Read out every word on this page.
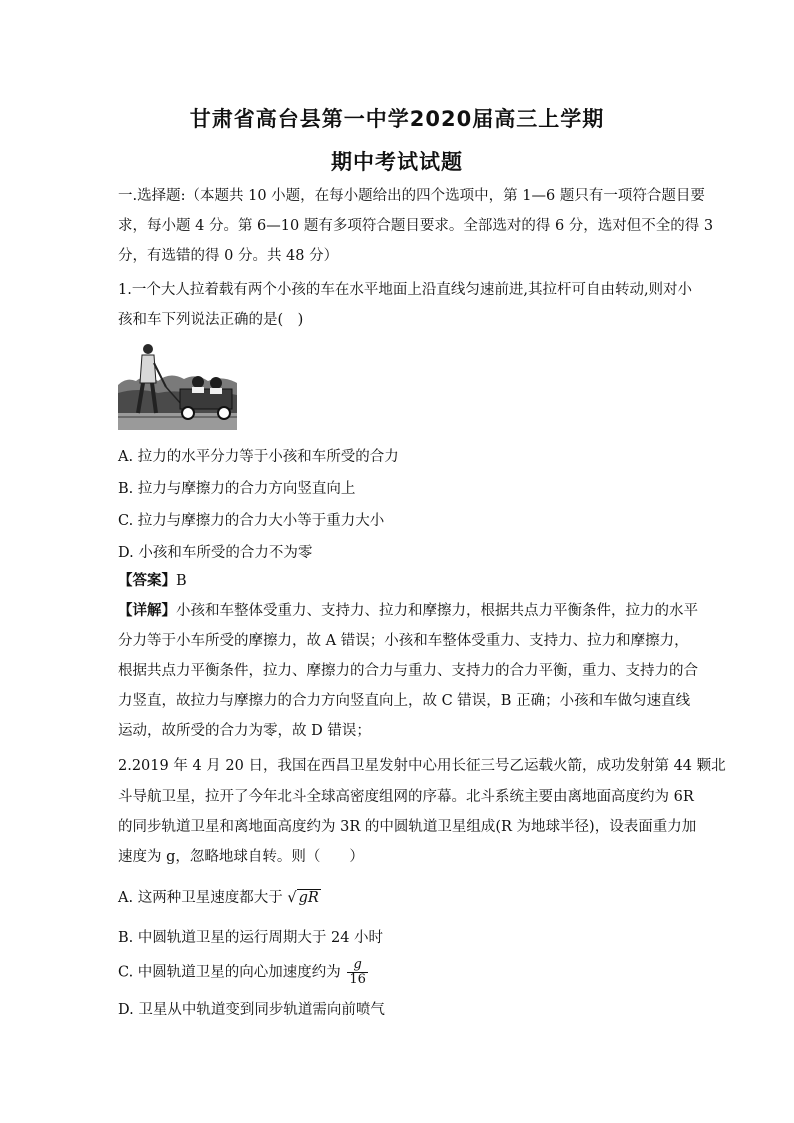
甘肃省高台县第一中学2020届高三上学期
期中考试试题
一.选择题:（本题共 10 小题，在每小题给出的四个选项中，第 1—6 题只有一项符合题目要
求，每小题 4 分。第 6—10 题有多项符合题目要求。全部选对的得 6 分，选对但不全的得 3
分，有选错的得 0 分。共 48 分）
1.一个大人拉着载有两个小孩的车在水平地面上沿直线匀速前进,其拉杆可自由转动,则对小
孩和车下列说法正确的是(　)
A. 拉力的水平分力等于小孩和车所受的合力
B. 拉力与摩擦力的合力方向竖直向上
C. 拉力与摩擦力的合力大小等于重力大小
D. 小孩和车所受的合力不为零
【答案】B
【详解】小孩和车整体受重力、支持力、拉力和摩擦力，根据共点力平衡条件，拉力的水平
分力等于小车所受的摩擦力，故 A 错误；小孩和车整体受重力、支持力、拉力和摩擦力，
根据共点力平衡条件，拉力、摩擦力的合力与重力、支持力的合力平衡，重力、支持力的合
力竖直，故拉力与摩擦力的合力方向竖直向上，故 C 错误，B 正确；小孩和车做匀速直线
运动，故所受的合力为零，故 D 错误；
2.2019 年 4 月 20 日，我国在西昌卫星发射中心用长征三号乙运载火箭，成功发射第 44 颗北
斗导航卫星，拉开了今年北斗全球高密度组网的序幕。北斗系统主要由离地面高度约为 6R
的同步轨道卫星和离地面高度约为 3R 的中圆轨道卫星组成(R 为地球半径)，设表面重力加
速度为 g，忽略地球自转。则（　　）
A. 这两种卫星速度都大于 √ gR
B. 中圆轨道卫星的运行周期大于 24 小时
C. 中圆轨道卫星的向心加速度约为 $\frac{g}{16}$
D. 卫星从中轨道变到同步轨道需向前喷气
